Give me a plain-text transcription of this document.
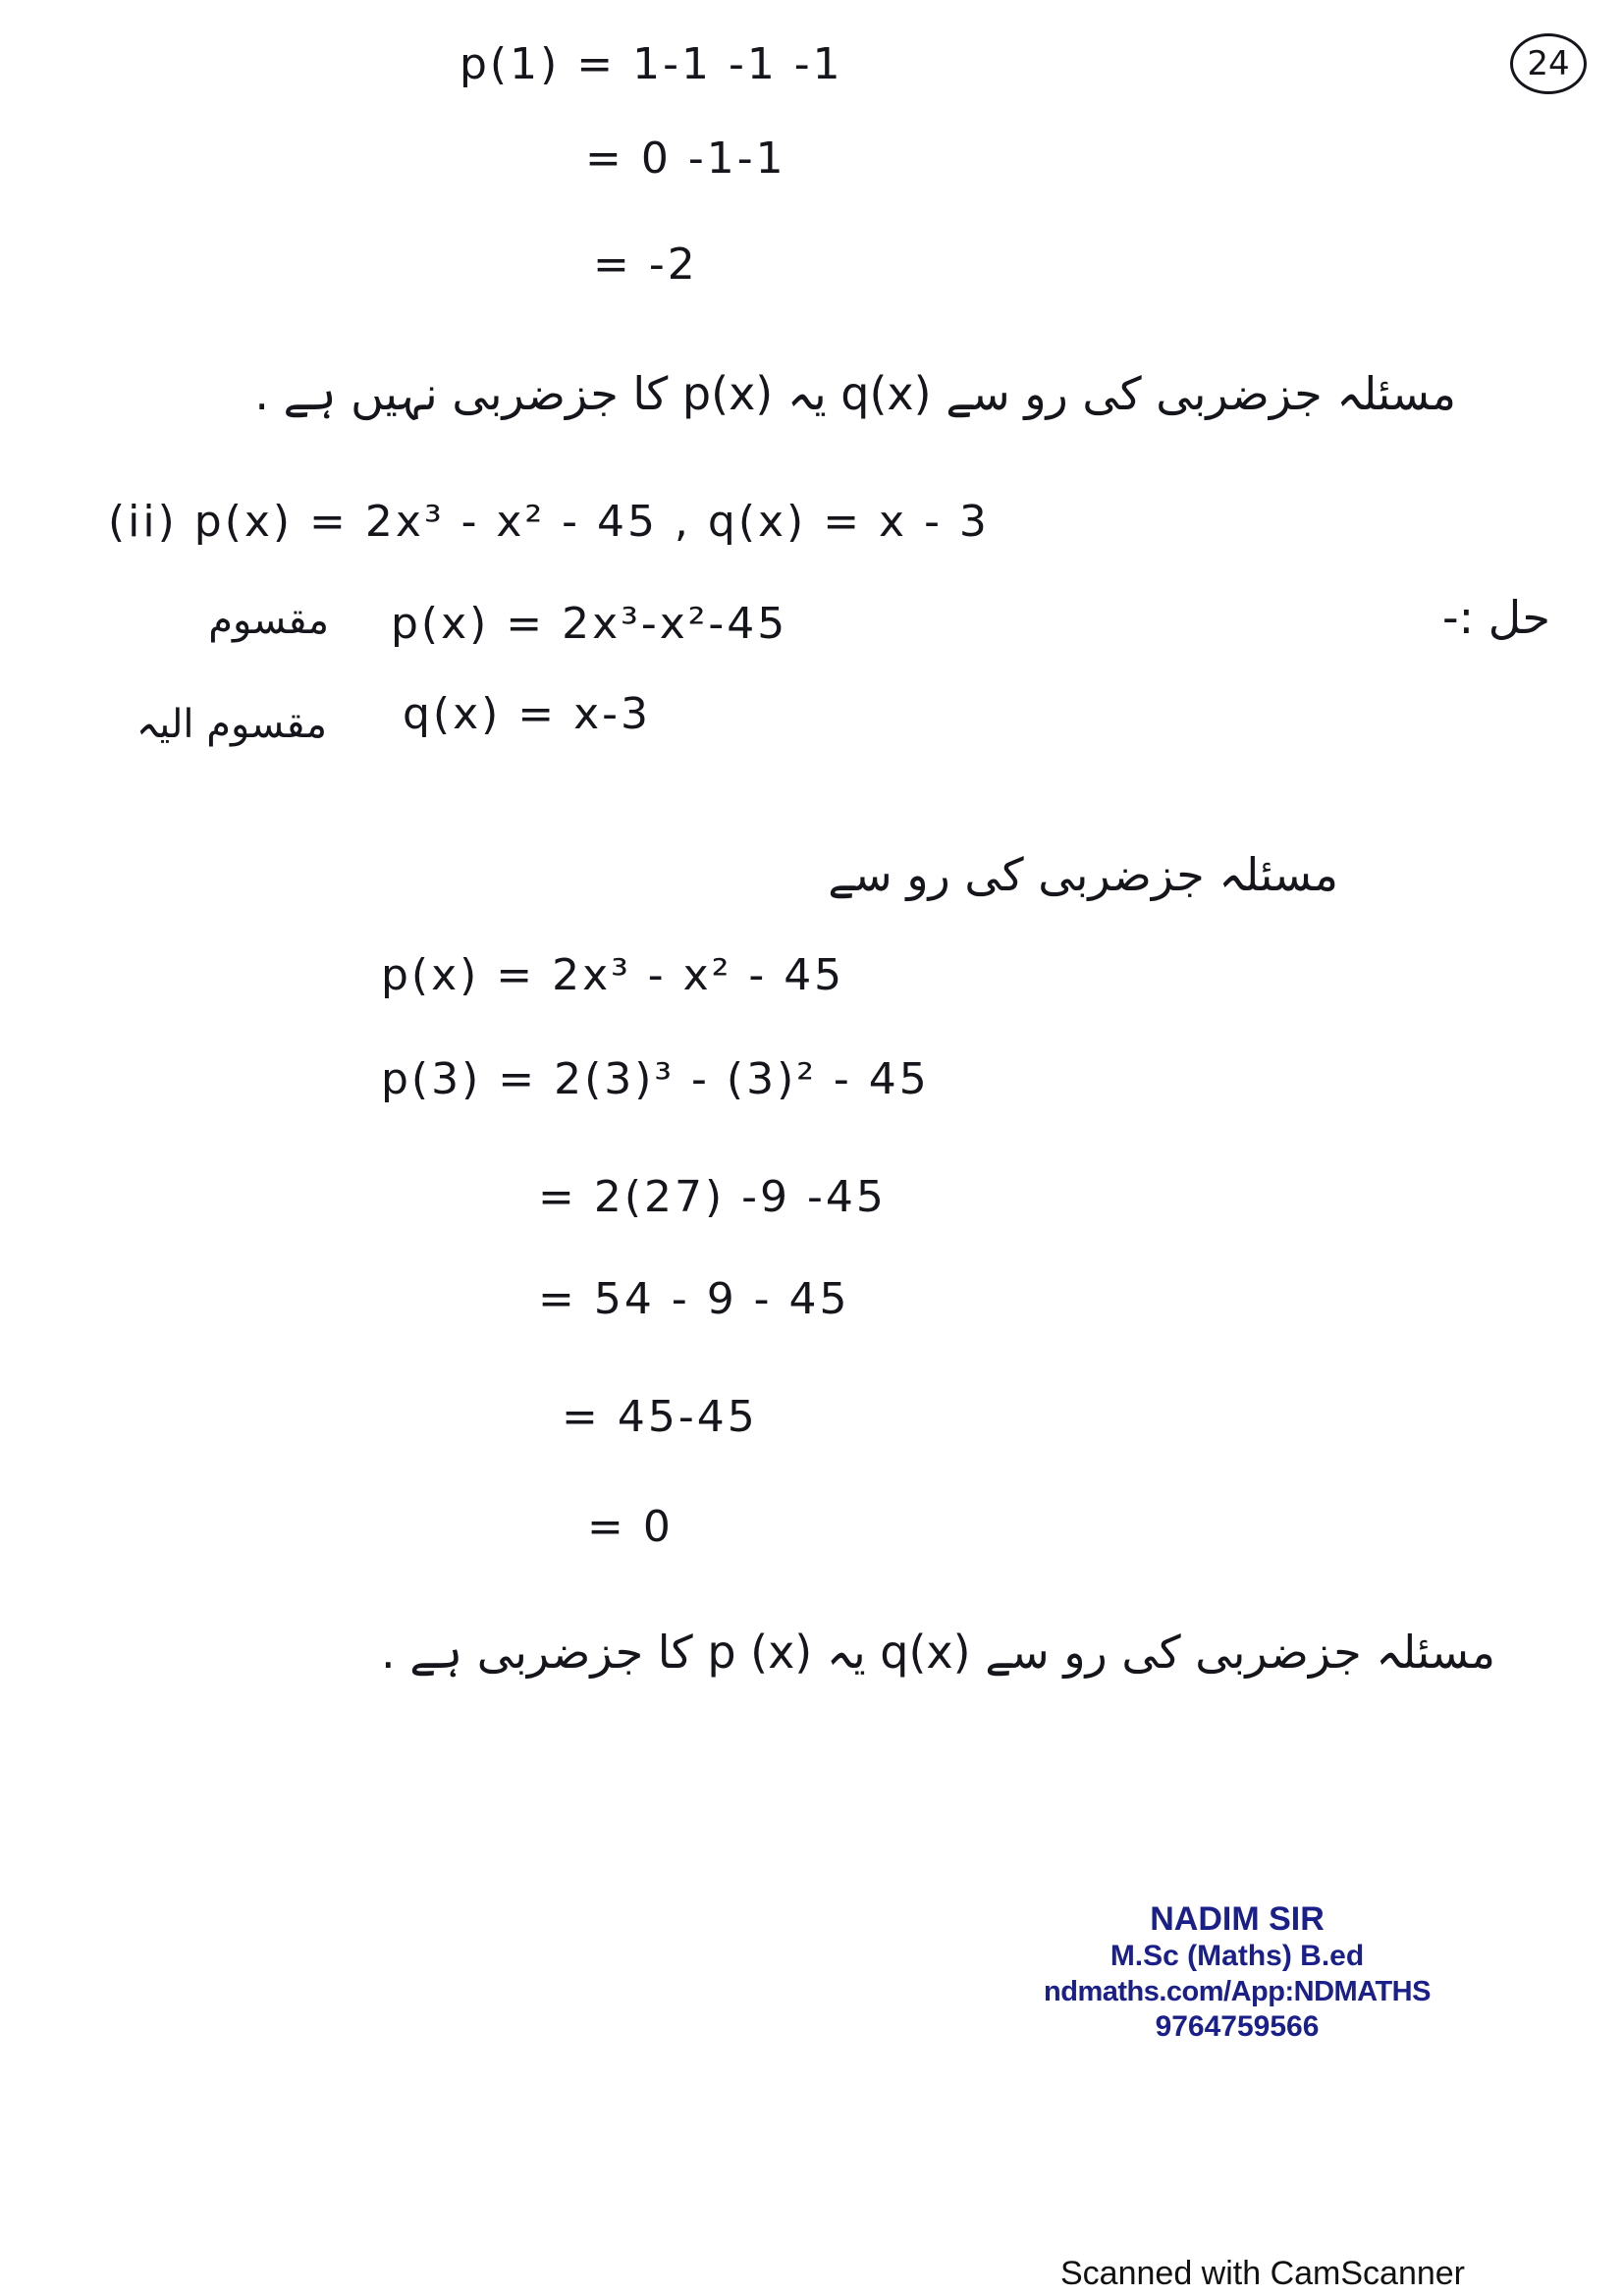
24
p(1) = 1-1 -1 -1
= 0 -1-1
= -2
مسئلہ جزضربی کی رو سے q(x) یہ p(x) کا جزضربی نہیں ہے .
(ii) p(x) = 2x³ - x² - 45 , q(x) = x - 3
حل :-
مقسوم p(x) = 2x³-x²-45
مقسوم الیہ q(x) = x-3
مسئلہ جزضربی کی رو سے
p(x) = 2x³ - x² - 45
p(3) = 2(3)³ - (3)² - 45
= 2(27) -9 -45
= 54 - 9 - 45
= 45-45
= 0
مسئلہ جزضربی کی رو سے q(x) یہ p (x) کا جزضربی ہے .
NADIM SIR
M.Sc (Maths) B.ed
ndmaths.com/App:NDMATHS
9764759566
Scanned with CamScanner
